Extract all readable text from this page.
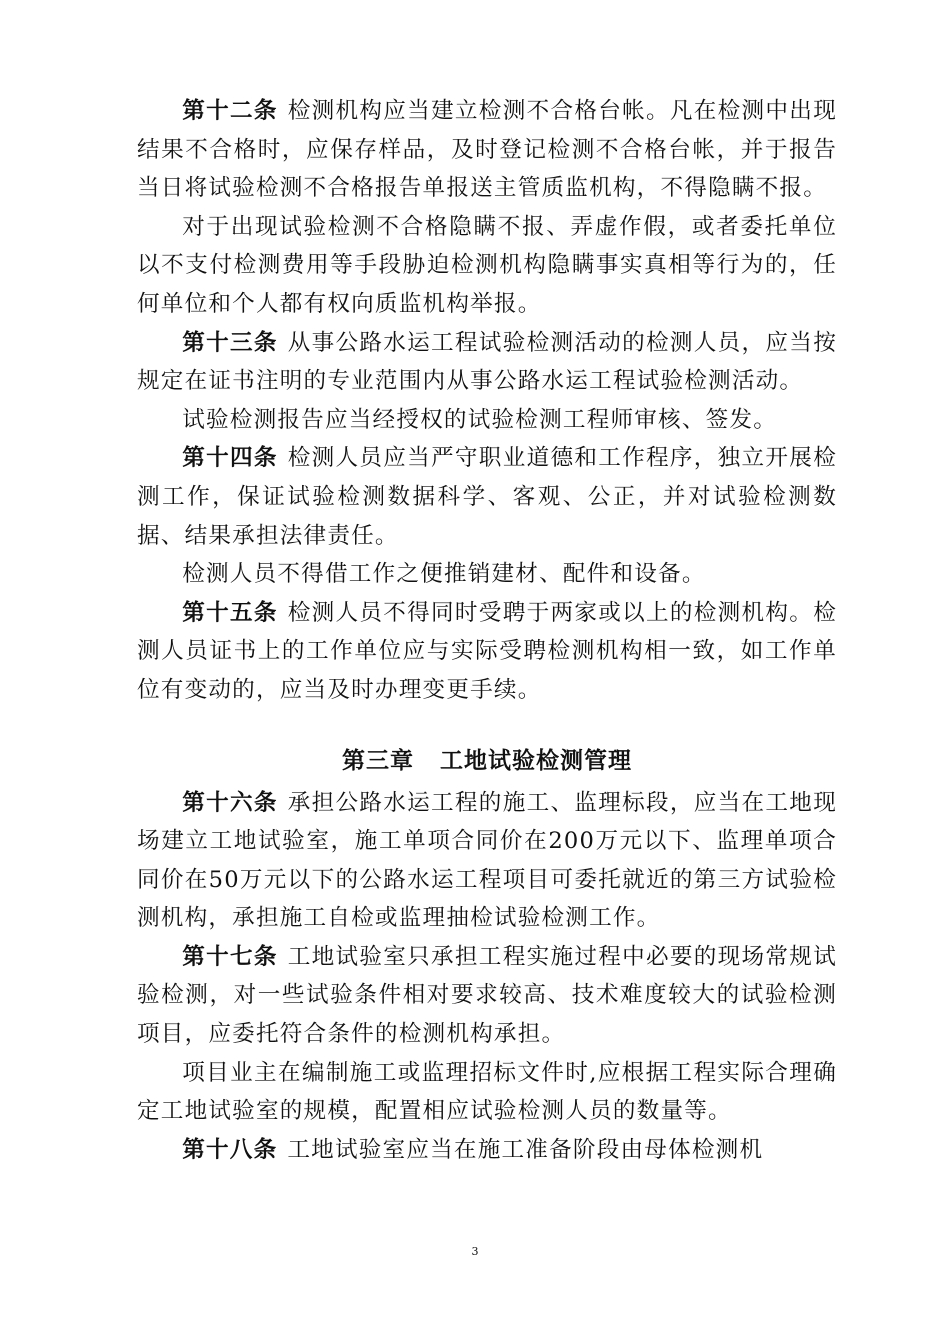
第十二条 检测机构应当建立检测不合格台帐。凡在检测中出现结果不合格时，应保存样品，及时登记检测不合格台帐，并于报告当日将试验检测不合格报告单报送主管质监机构，不得隐瞒不报。

对于出现试验检测不合格隐瞒不报、弄虚作假，或者委托单位以不支付检测费用等手段胁迫检测机构隐瞒事实真相等行为的，任何单位和个人都有权向质监机构举报。

第十三条 从事公路水运工程试验检测活动的检测人员，应当按规定在证书注明的专业范围内从事公路水运工程试验检测活动。

试验检测报告应当经授权的试验检测工程师审核、签发。

第十四条 检测人员应当严守职业道德和工作程序，独立开展检测工作，保证试验检测数据科学、客观、公正，并对试验检测数据、结果承担法律责任。

检测人员不得借工作之便推销建材、配件和设备。

第十五条 检测人员不得同时受聘于两家或以上的检测机构。检测人员证书上的工作单位应与实际受聘检测机构相一致，如工作单位有变动的，应当及时办理变更手续。

第三章 工地试验检测管理

第十六条 承担公路水运工程的施工、监理标段，应当在工地现场建立工地试验室，施工单项合同价在200万元以下、监理单项合同价在50万元以下的公路水运工程项目可委托就近的第三方试验检测机构，承担施工自检或监理抽检试验检测工作。

第十七条 工地试验室只承担工程实施过程中必要的现场常规试验检测，对一些试验条件相对要求较高、技术难度较大的试验检测项目，应委托符合条件的检测机构承担。

项目业主在编制施工或监理招标文件时,应根据工程实际合理确定工地试验室的规模，配置相应试验检测人员的数量等。

第十八条 工地试验室应当在施工准备阶段由母体检测机

3
